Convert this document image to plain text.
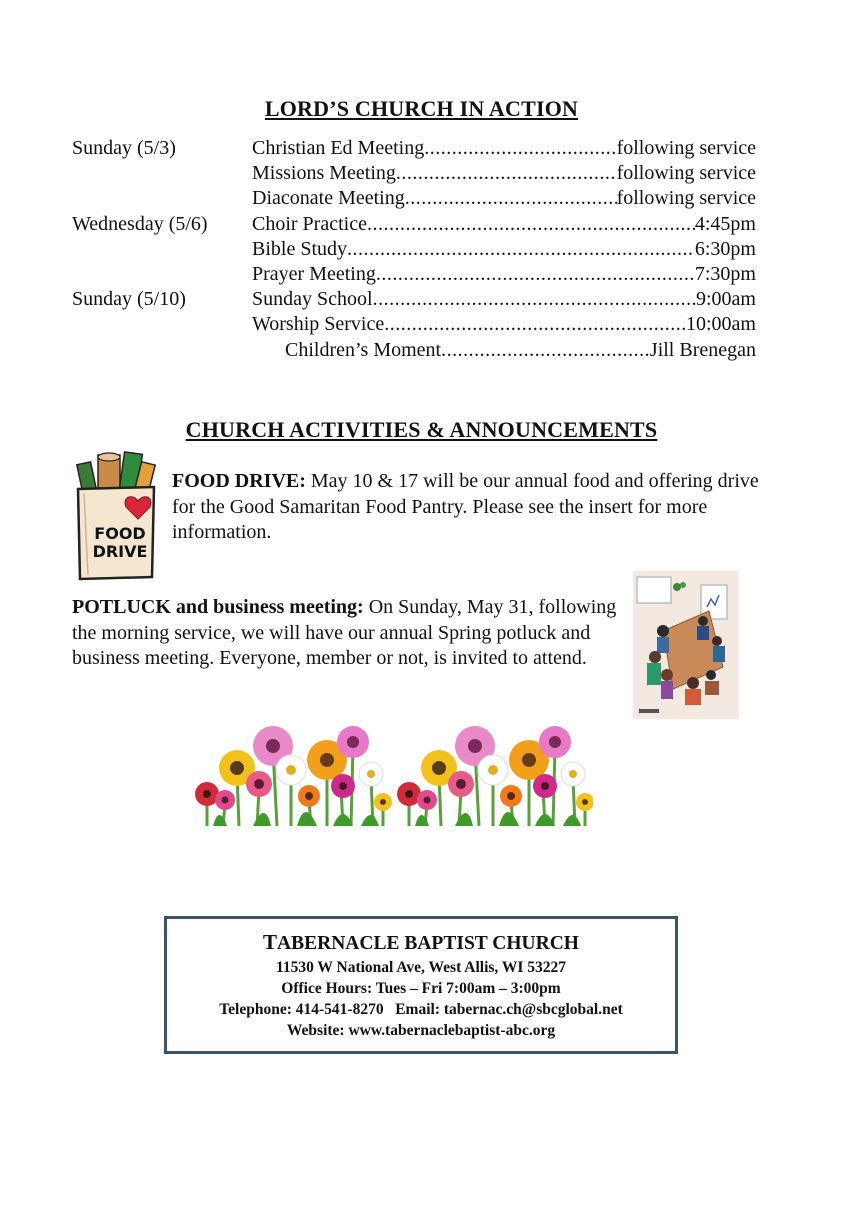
LORD’S CHURCH IN ACTION
Sunday (5/3)	Christian Ed Meeting .....	following service
Missions Meeting .....	following service
Diaconate Meeting .....	following service
Wednesday (5/6) Choir Practice .....	4:45pm
Bible Study .....	6:30pm
Prayer Meeting .....	7:30pm
Sunday (5/10)	Sunday School .....	9:00am
Worship Service .....	10:00am
Children’s Moment .....	Jill Brenegan
CHURCH ACTIVITIES & ANNOUNCEMENTS
FOOD
DRIVE
FOOD DRIVE: May 10 & 17 will be our annual food and offering drive for the Good Samaritan Food Pantry. Please see the insert for more information.
POTLUCK and business meeting: On Sunday, May 31, following the morning service, we will have our annual Spring potluck and business meeting. Everyone, member or not, is invited to attend.
TABERNACLE BAPTIST CHURCH
11530 W National Ave, West Allis, WI 53227
Office Hours: Tues – Fri 7:00am – 3:00pm
Telephone: 414-541-8270   Email: tabernac.ch@sbcglobal.net
Website: www.tabernaclebaptist-abc.org
